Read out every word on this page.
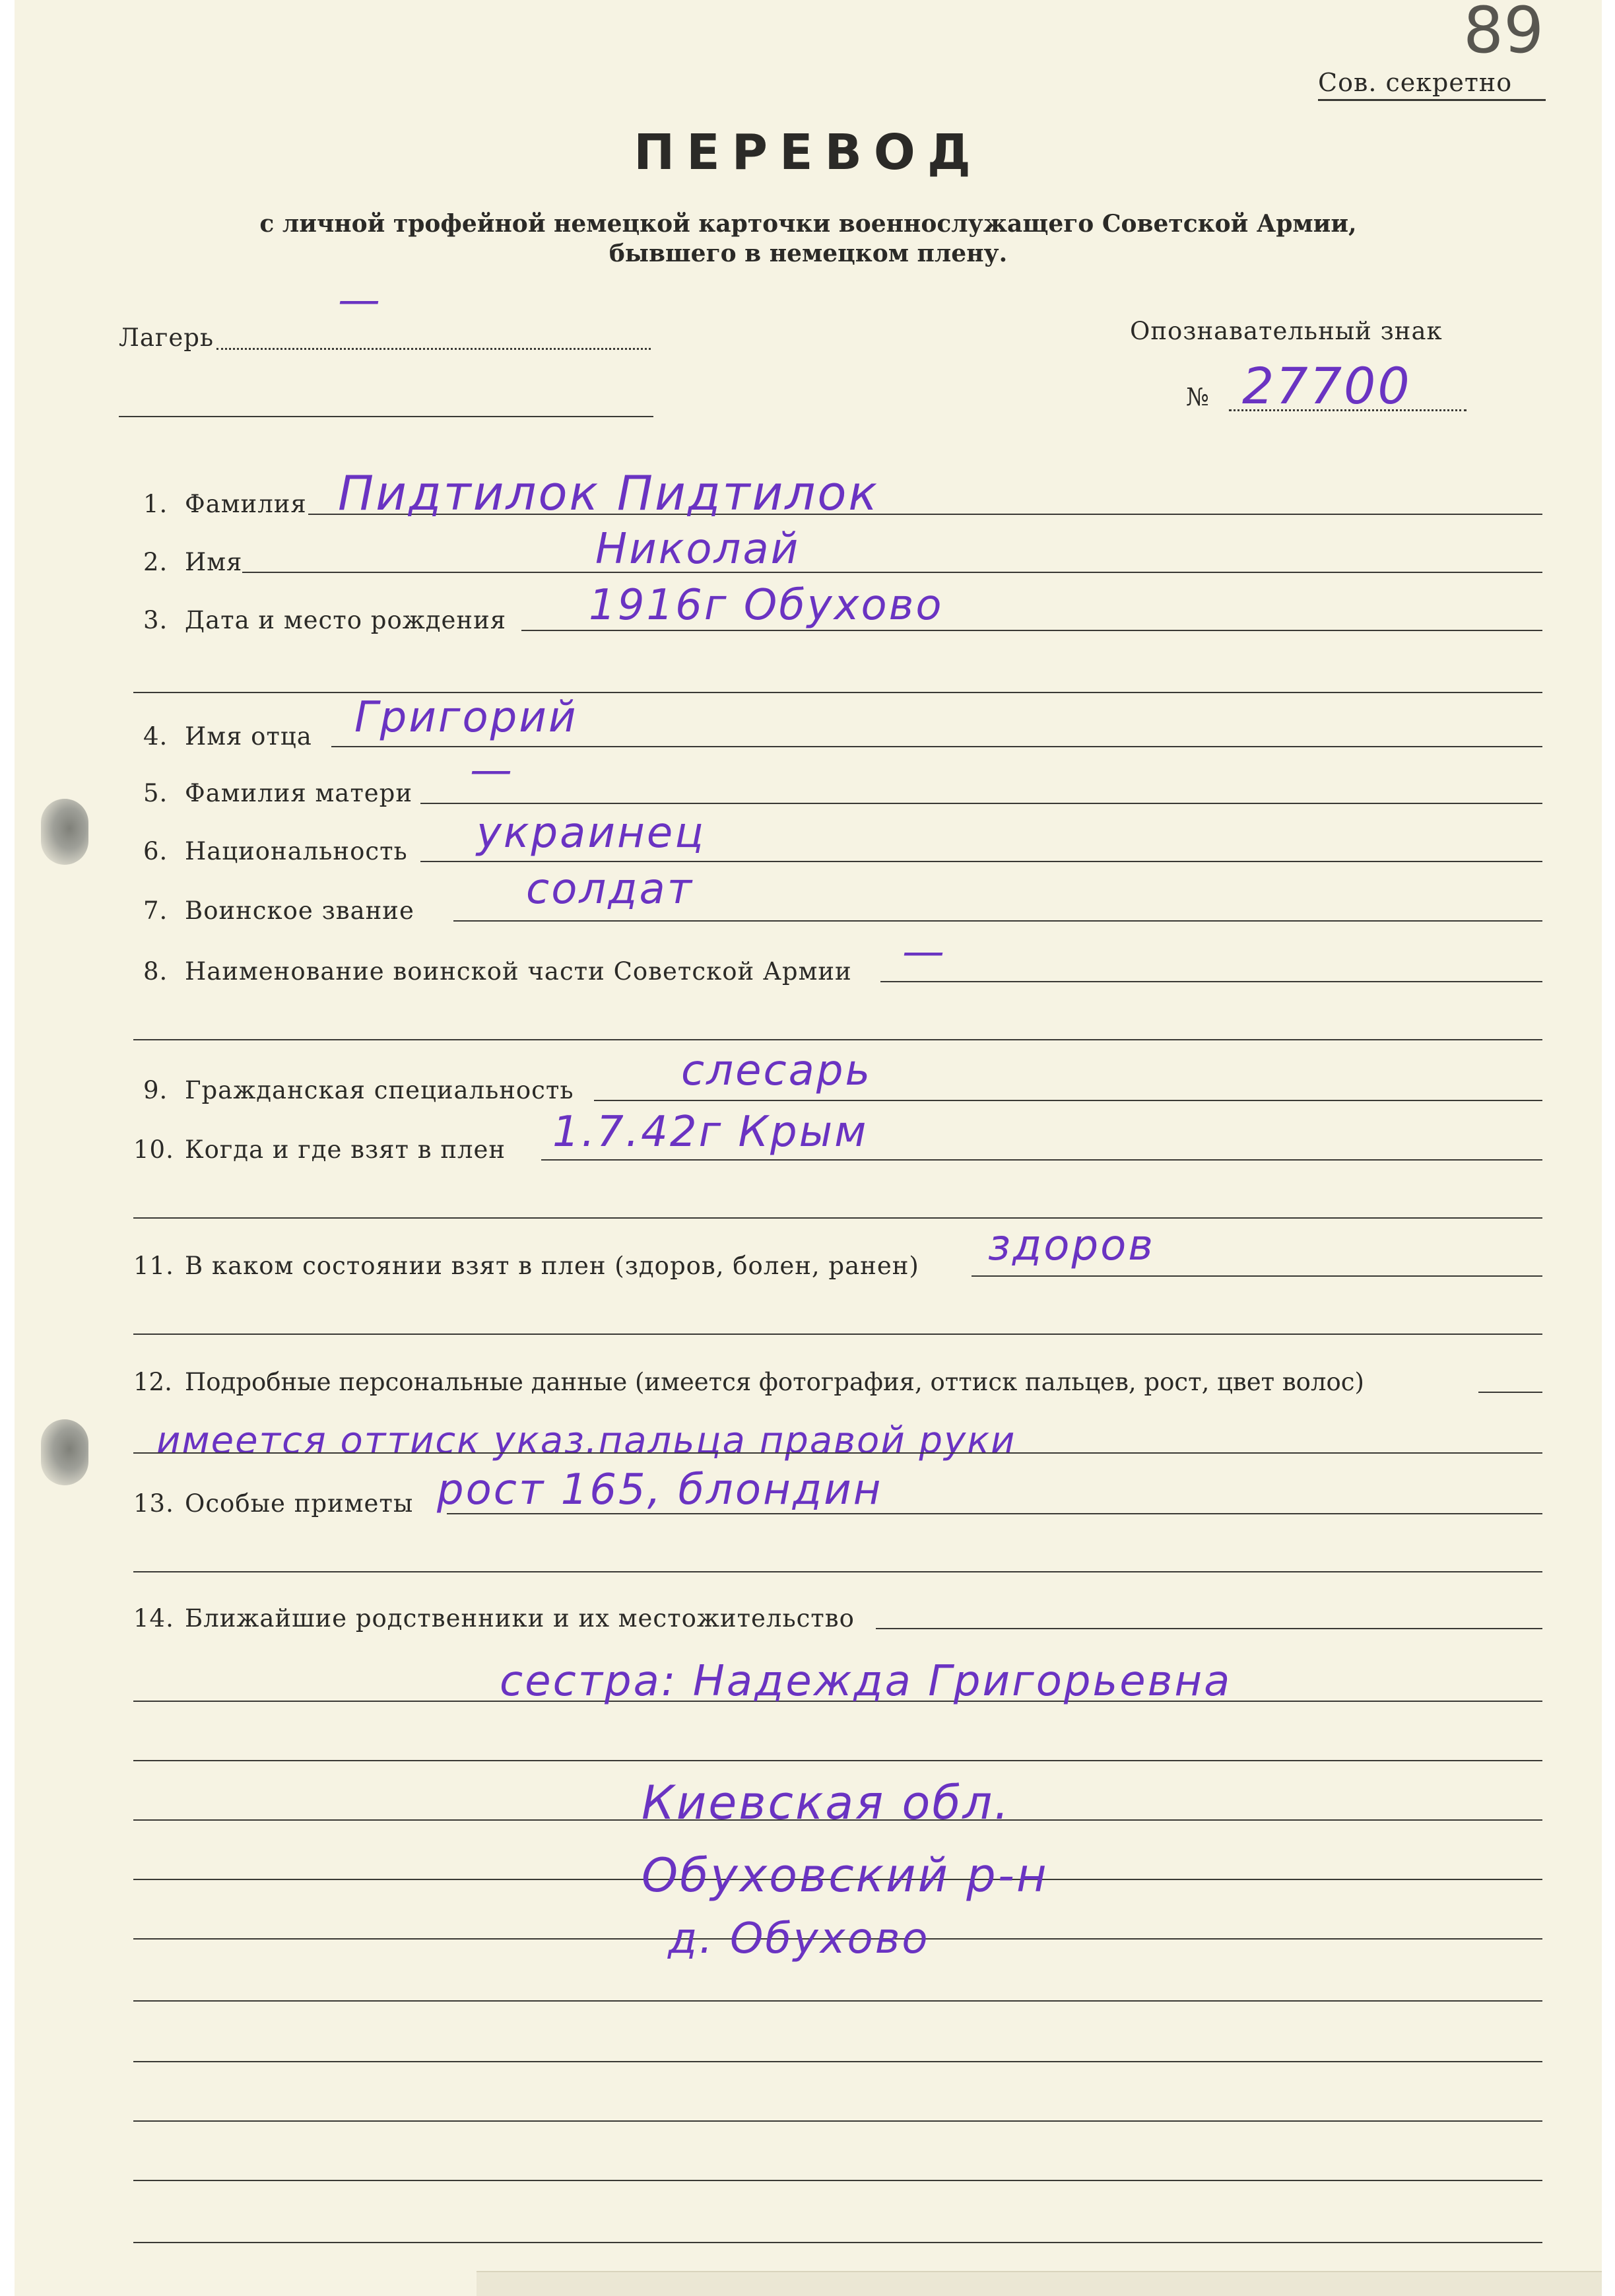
89
Сов. секретно
ПЕРЕВОД
с личной трофейной немецкой карточки военнослужащего Советской Армии,
бывшего в немецком плену.
Лагерь
—
Опознавательный знак
№ 27700
1. Фамилия Пидтилок Пидтилок
2. Имя	Николай
3. Дата и место рождения 1916г Обухово
4. Имя отца Григорий
5. Фамилия матери —
6. Национальность украинец
7. Воинское звание	солдат
8. Наименование воинской части Советской Армии —
9. Гражданская специальность	слесарь
10. Когда и где взят в плен 1.7.42г Крым
11. В каком состоянии взят в плен (здоров, болен, ранен) здоров
12. Подробные персональные данные (имеется фотография, оттиск пальцев, рост, цвет волос)
имеется оттиск указ.пальца правой руки
13. Особые приметы рост 165, блондин
14. Ближайшие родственники и их местожительство
сестра: Надежда Григорьевна
Киевская обл.
Обуховский р-н
д. Обухово
